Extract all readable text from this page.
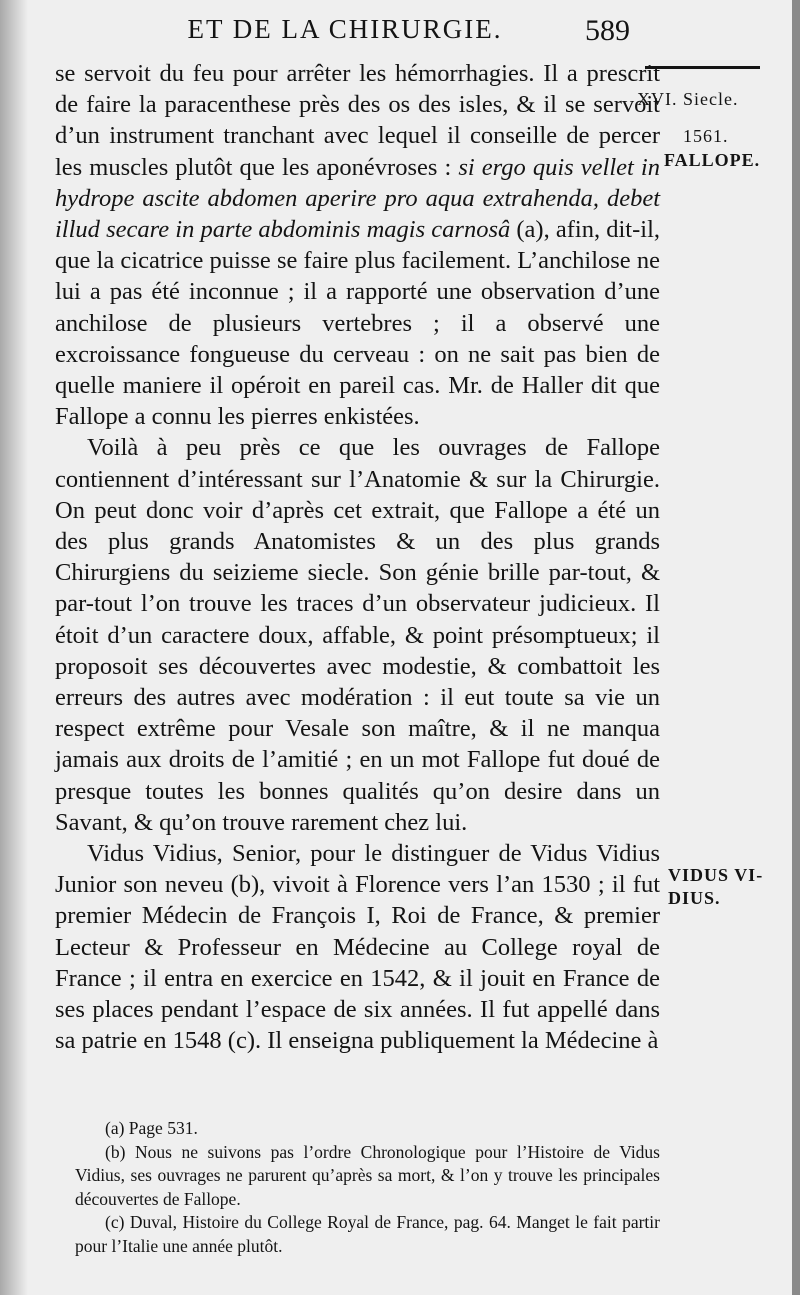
ET DE LA CHIRURGIE.	589
XVI. Siecle.
1561.
FALLOPE.
VIDUS VI-
DIUS.

se servoit du feu pour arrêter les hémorrhagies. Il a prescrit de faire la paracenthese près des os des isles, & il se servoit d’un instrument tranchant avec lequel il conseille de percer les muscles plutôt que les aponévroses : si ergo quis vellet in hydrope ascite abdomen aperire pro aqua extrahenda, debet illud secare in parte abdominis magis carnosâ (a), afin, dit-il, que la cicatrice puisse se faire plus facilement. L’anchilose ne lui a pas été inconnue ; il a rapporté une observation d’une anchilose de plusieurs vertebres ; il a observé une excroissance fongueuse du cerveau : on ne sait pas bien de quelle maniere il opéroit en pareil cas. Mr. de Haller dit que Fallope a connu les pierres enkistées.

Voilà à peu près ce que les ouvrages de Fallope contiennent d’intéressant sur l’Anatomie & sur la Chirurgie. On peut donc voir d’après cet extrait, que Fallope a été un des plus grands Anatomistes & un des plus grands Chirurgiens du seizieme siecle. Son génie brille par-tout, & par-tout l’on trouve les traces d’un observateur judicieux. Il étoit d’un caractere doux, affable, & point présomptueux; il proposoit ses découvertes avec modestie, & combattoit les erreurs des autres avec modération : il eut toute sa vie un respect extrême pour Vesale son maître, & il ne manqua jamais aux droits de l’amitié ; en un mot Fallope fut doué de presque toutes les bonnes qualités qu’on desire dans un Savant, & qu’on trouve rarement chez lui.

Vidus Vidius, Senior, pour le distinguer de Vidus Vidius Junior son neveu (b), vivoit à Florence vers l’an 1530 ; il fut premier Médecin de François I, Roi de France, & premier Lecteur & Professeur en Médecine au College royal de France ; il entra en exercice en 1542, & il jouit en France de ses places pendant l’espace de six années. Il fut appellé dans sa patrie en 1548 (c). Il enseigna publiquement la Médecine à

(a) Page 531.
(b) Nous ne suivons pas l’ordre Chronologique pour l’Histoire de Vidus Vidius, ses ouvrages ne parurent qu’après sa mort, & l’on y trouve les principales découvertes de Fallope.
(c) Duval, Histoire du College Royal de France, pag. 64. Manget le fait partir pour l’Italie une année plutôt.
